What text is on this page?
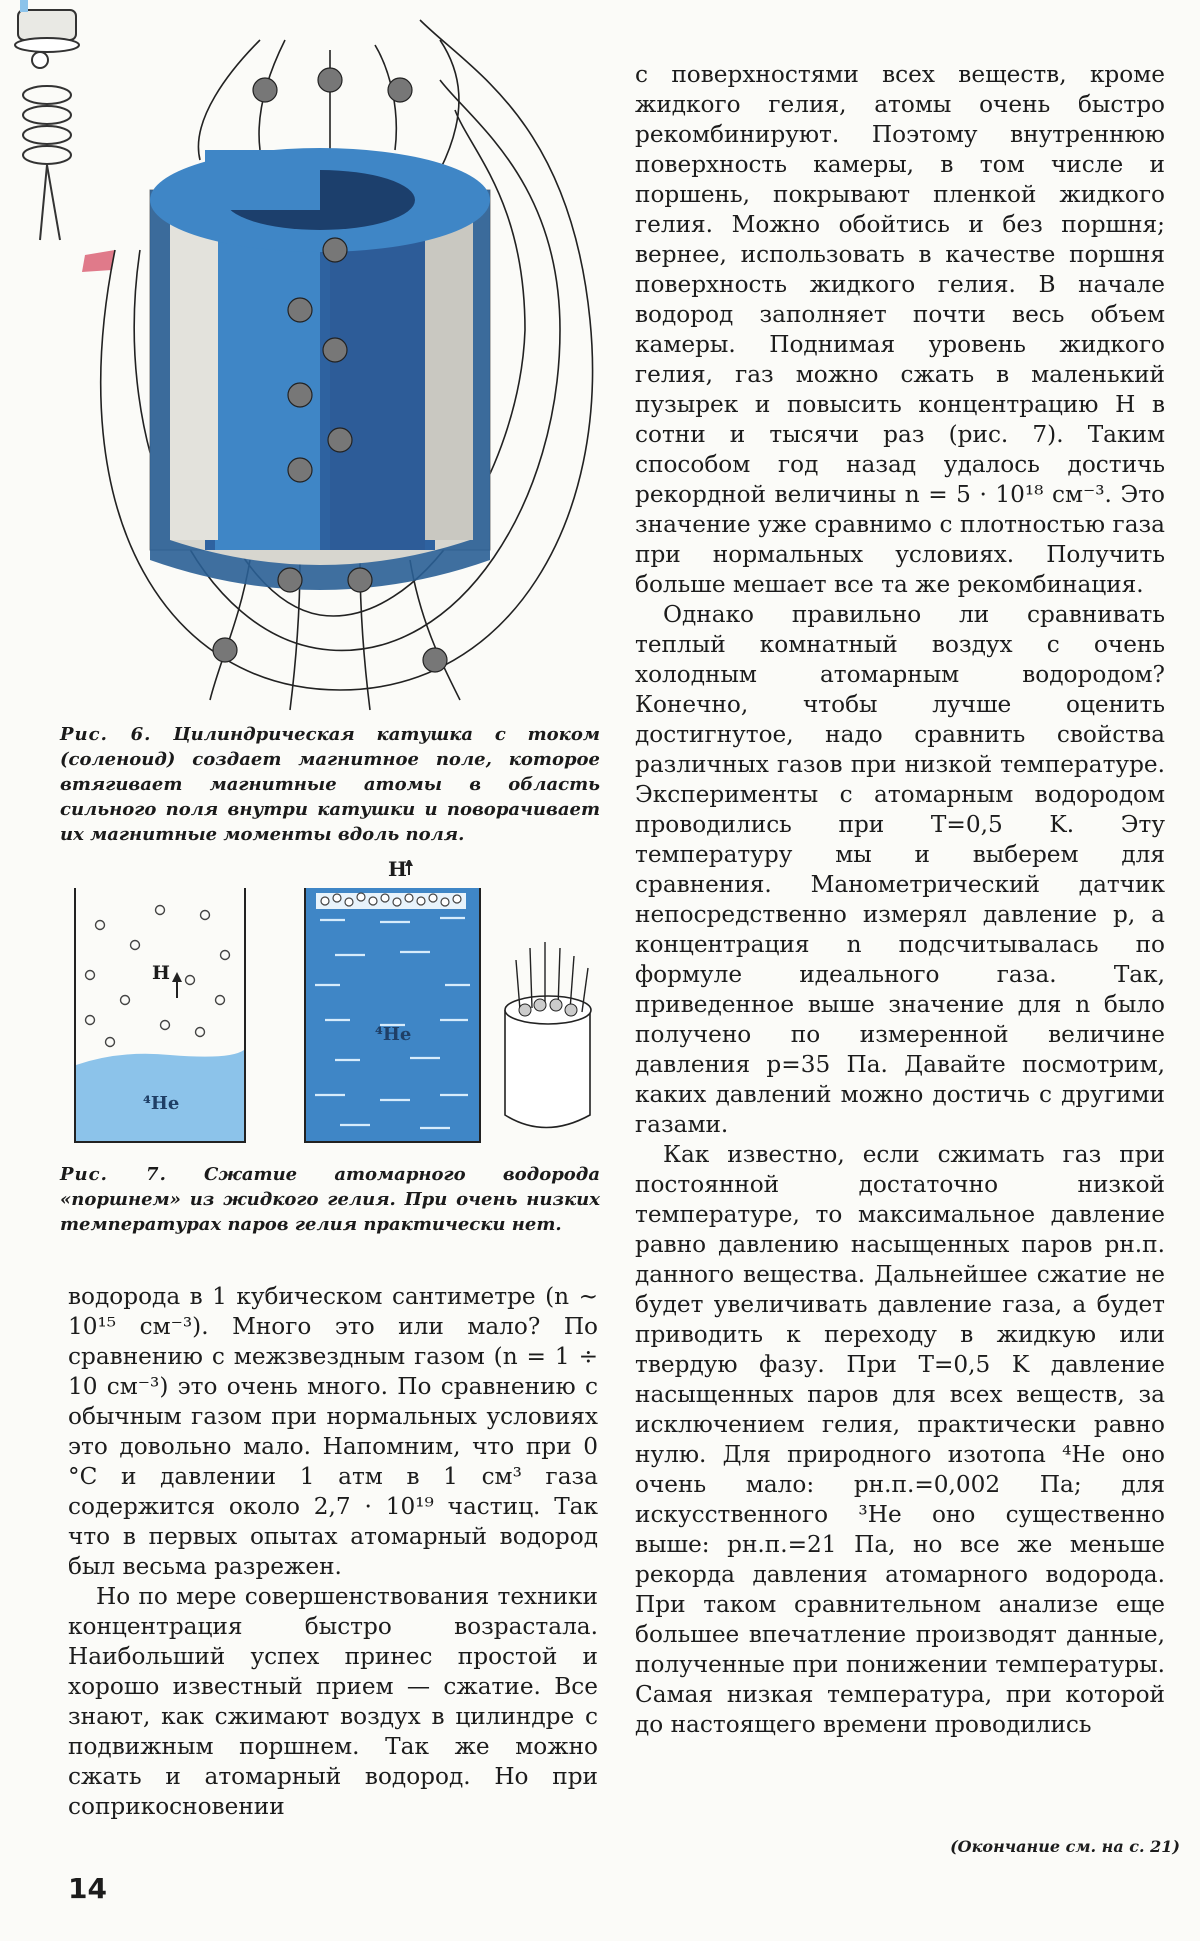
Рис. 6. Цилиндрическая катушка с током (соленоид) создает магнитное поле, которое втягивает магнитные атомы в область сильного поля внутри катушки и поворачивает их магнитные моменты вдоль поля.
H
H
⁴He
⁴He
Рис. 7. Сжатие атомарного водорода «поршнем» из жидкого гелия. При очень низких температурах паров гелия практически нет.

с поверхностями всех веществ, кроме жидкого гелия, атомы очень быстро рекомбинируют. Поэтому внутреннюю поверхность камеры, в том числе и поршень, покрывают пленкой жидкого гелия. Можно обойтись и без поршня; вернее, использовать в качестве поршня поверхность жидкого гелия. В начале водород заполняет почти весь объем камеры. Поднимая уровень жидкого гелия, газ можно сжать в маленький пузырек и повысить концентрацию H в сотни и тысячи раз (рис. 7). Таким способом год назад удалось достичь рекордной величины n = 5 · 10¹⁸ см⁻³. Это значение уже сравнимо с плотностью газа при нормальных условиях. Получить больше мешает все та же рекомбинация.

Однако правильно ли сравнивать теплый комнатный воздух с очень холодным атомарным водородом? Конечно, чтобы лучше оценить достигнутое, надо сравнить свойства различных газов при низкой температуре. Эксперименты с атомарным водородом проводились при T=0,5 K. Эту температуру мы и выберем для сравнения. Манометрический датчик непосредственно измерял давление p, а концентрация n подсчитывалась по формуле идеального газа. Так, приведенное выше значение для n было получено по измеренной величине давления p=35 Па. Давайте посмотрим, каких давлений можно достичь с другими газами.

Как известно, если сжимать газ при постоянной достаточно низкой температуре, то максимальное давление равно давлению насыщенных паров pн.п. данного вещества. Дальнейшее сжатие не будет увеличивать давление газа, а будет приводить к переходу в жидкую или твердую фазу. При T=0,5 K давление насыщенных паров для всех веществ, за исключением гелия, практически равно нулю. Для природного изотопа ⁴He оно очень мало: pн.п.=0,002 Па; для искусственного ³He оно существенно выше: pн.п.=21 Па, но все же меньше рекорда давления атомарного водорода. При таком сравнительном анализе еще большее впечатление производят данные, полученные при понижении температуры. Самая низкая температура, при которой до настоящего времени проводились

водорода в 1 кубическом сантиметре (n ∼ 10¹⁵ см⁻³). Много это или мало? По сравнению с межзвездным газом (n = 1 ÷ 10 см⁻³) это очень много. По сравнению с обычным газом при нормальных условиях это довольно мало. Напомним, что при 0 °C и давлении 1 атм в 1 см³ газа содержится около 2,7 · 10¹⁹ частиц. Так что в первых опытах атомарный водород был весьма разрежен.

Но по мере совершенствования техники концентрация быстро возрастала. Наибольший успех принес простой и хорошо известный прием — сжатие. Все знают, как сжимают воздух в цилиндре с подвижным поршнем. Так же можно сжать и атомарный водород. Но при соприкосновении

(Окончание см. на с. 21)
14
